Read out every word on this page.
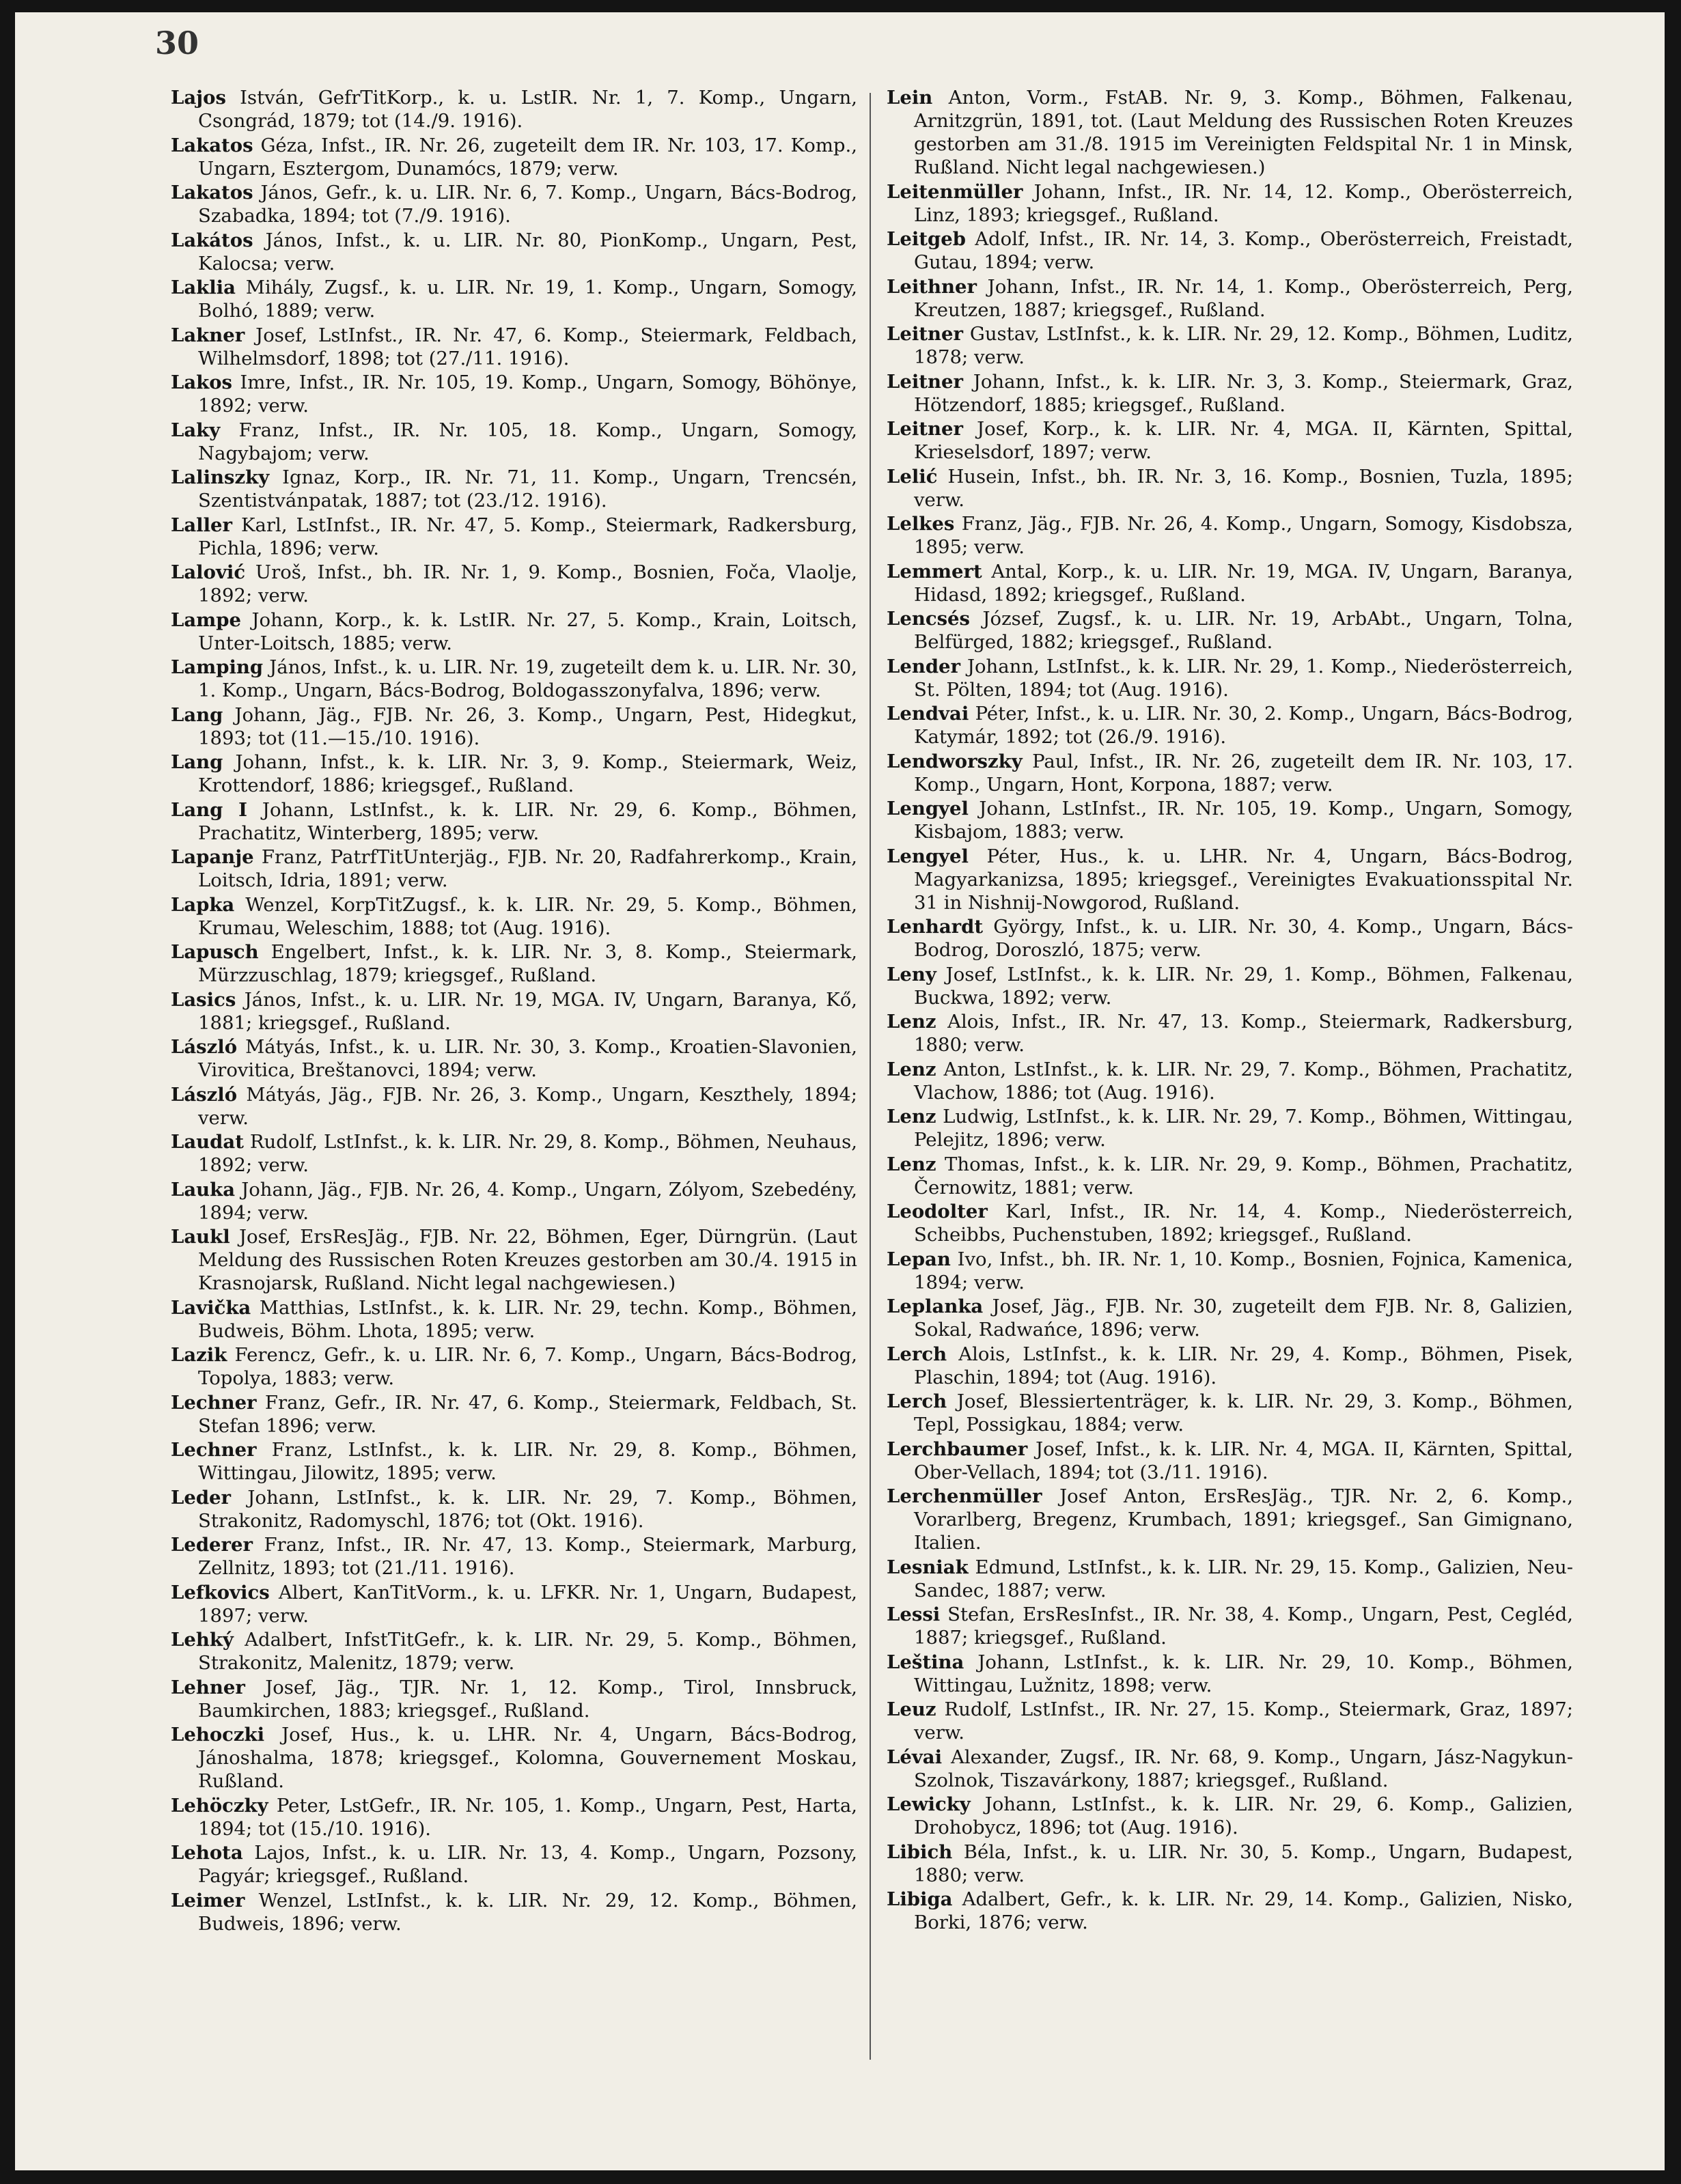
30
Lajos István, GefrTitKorp., k. u. LstIR. Nr. 1, 7. Komp., Ungarn, Csongrád, 1879; tot (14./9. 1916).
Lakatos Géza, Infst., IR. Nr. 26, zugeteilt dem IR. Nr. 103, 17. Komp., Ungarn, Esztergom, Dunamócs, 1879; verw.
Lakatos János, Gefr., k. u. LIR. Nr. 6, 7. Komp., Ungarn, Bács-Bodrog, Szabadka, 1894; tot (7./9. 1916).
Lakátos János, Infst., k. u. LIR. Nr. 80, PionKomp., Ungarn, Pest, Kalocsa; verw.
Laklia Mihály, Zugsf., k. u. LIR. Nr. 19, 1. Komp., Ungarn, Somogy, Bolhó, 1889; verw.
Lakner Josef, LstInfst., IR. Nr. 47, 6. Komp., Steiermark, Feldbach, Wilhelmsdorf, 1898; tot (27./11. 1916).
Lakos Imre, Infst., IR. Nr. 105, 19. Komp., Ungarn, Somogy, Böhönye, 1892; verw.
Laky Franz, Infst., IR. Nr. 105, 18. Komp., Ungarn, Somogy, Nagybajom; verw.
Lalinszky Ignaz, Korp., IR. Nr. 71, 11. Komp., Ungarn, Trencsén, Szentistvánpatak, 1887; tot (23./12. 1916).
Laller Karl, LstInfst., IR. Nr. 47, 5. Komp., Steiermark, Radkersburg, Pichla, 1896; verw.
Lalović Uroš, Infst., bh. IR. Nr. 1, 9. Komp., Bosnien, Foča, Vlaolje, 1892; verw.
Lampe Johann, Korp., k. k. LstIR. Nr. 27, 5. Komp., Krain, Loitsch, Unter-Loitsch, 1885; verw.
Lamping János, Infst., k. u. LIR. Nr. 19, zugeteilt dem k. u. LIR. Nr. 30, 1. Komp., Ungarn, Bács-Bodrog, Boldogasszonyfalva, 1896; verw.
Lang Johann, Jäg., FJB. Nr. 26, 3. Komp., Ungarn, Pest, Hidegkut, 1893; tot (11.—15./10. 1916).
Lang Johann, Infst., k. k. LIR. Nr. 3, 9. Komp., Steiermark, Weiz, Krottendorf, 1886; kriegsgef., Rußland.
Lang I Johann, LstInfst., k. k. LIR. Nr. 29, 6. Komp., Böhmen, Prachatitz, Winterberg, 1895; verw.
Lapanje Franz, PatrfTitUnterjäg., FJB. Nr. 20, Radfahrerkomp., Krain, Loitsch, Idria, 1891; verw.
Lapka Wenzel, KorpTitZugsf., k. k. LIR. Nr. 29, 5. Komp., Böhmen, Krumau, Weleschim, 1888; tot (Aug. 1916).
Lapusch Engelbert, Infst., k. k. LIR. Nr. 3, 8. Komp., Steiermark, Mürzzuschlag, 1879; kriegsgef., Rußland.
Lasics János, Infst., k. u. LIR. Nr. 19, MGA. IV, Ungarn, Baranya, Kő, 1881; kriegsgef., Rußland.
László Mátyás, Infst., k. u. LIR. Nr. 30, 3. Komp., Kroatien-Slavonien, Virovitica, Breštanovci, 1894; verw.
László Mátyás, Jäg., FJB. Nr. 26, 3. Komp., Ungarn, Keszthely, 1894; verw.
Laudat Rudolf, LstInfst., k. k. LIR. Nr. 29, 8. Komp., Böhmen, Neuhaus, 1892; verw.
Lauka Johann, Jäg., FJB. Nr. 26, 4. Komp., Ungarn, Zólyom, Szebedény, 1894; verw.
Laukl Josef, ErsResJäg., FJB. Nr. 22, Böhmen, Eger, Dürngrün. (Laut Meldung des Russischen Roten Kreuzes gestorben am 30./4. 1915 in Krasnojarsk, Rußland. Nicht legal nachgewiesen.)
Lavička Matthias, LstInfst., k. k. LIR. Nr. 29, techn. Komp., Böhmen, Budweis, Böhm. Lhota, 1895; verw.
Lazik Ferencz, Gefr., k. u. LIR. Nr. 6, 7. Komp., Ungarn, Bács-Bodrog, Topolya, 1883; verw.
Lechner Franz, Gefr., IR. Nr. 47, 6. Komp., Steiermark, Feldbach, St. Stefan 1896; verw.
Lechner Franz, LstInfst., k. k. LIR. Nr. 29, 8. Komp., Böhmen, Wittingau, Jilowitz, 1895; verw.
Leder Johann, LstInfst., k. k. LIR. Nr. 29, 7. Komp., Böhmen, Strakonitz, Radomyschl, 1876; tot (Okt. 1916).
Lederer Franz, Infst., IR. Nr. 47, 13. Komp., Steiermark, Marburg, Zellnitz, 1893; tot (21./11. 1916).
Lefkovics Albert, KanTitVorm., k. u. LFKR. Nr. 1, Ungarn, Budapest, 1897; verw.
Lehký Adalbert, InfstTitGefr., k. k. LIR. Nr. 29, 5. Komp., Böhmen, Strakonitz, Malenitz, 1879; verw.
Lehner Josef, Jäg., TJR. Nr. 1, 12. Komp., Tirol, Innsbruck, Baumkirchen, 1883; kriegsgef., Rußland.
Lehoczki Josef, Hus., k. u. LHR. Nr. 4, Ungarn, Bács-Bodrog, Jánoshalma, 1878; kriegsgef., Kolomna, Gouvernement Moskau, Rußland.
Lehöczky Peter, LstGefr., IR. Nr. 105, 1. Komp., Ungarn, Pest, Harta, 1894; tot (15./10. 1916).
Lehota Lajos, Infst., k. u. LIR. Nr. 13, 4. Komp., Ungarn, Pozsony, Pagyár; kriegsgef., Rußland.
Leimer Wenzel, LstInfst., k. k. LIR. Nr. 29, 12. Komp., Böhmen, Budweis, 1896; verw.
Lein Anton, Vorm., FstAB. Nr. 9, 3. Komp., Böhmen, Falkenau, Arnitzgrün, 1891, tot. (Laut Meldung des Russischen Roten Kreuzes gestorben am 31./8. 1915 im Vereinigten Feldspital Nr. 1 in Minsk, Rußland. Nicht legal nachgewiesen.)
Leitenmüller Johann, Infst., IR. Nr. 14, 12. Komp., Oberösterreich, Linz, 1893; kriegsgef., Rußland.
Leitgeb Adolf, Infst., IR. Nr. 14, 3. Komp., Oberösterreich, Freistadt, Gutau, 1894; verw.
Leithner Johann, Infst., IR. Nr. 14, 1. Komp., Oberösterreich, Perg, Kreutzen, 1887; kriegsgef., Rußland.
Leitner Gustav, LstInfst., k. k. LIR. Nr. 29, 12. Komp., Böhmen, Luditz, 1878; verw.
Leitner Johann, Infst., k. k. LIR. Nr. 3, 3. Komp., Steiermark, Graz, Hötzendorf, 1885; kriegsgef., Rußland.
Leitner Josef, Korp., k. k. LIR. Nr. 4, MGA. II, Kärnten, Spittal, Krieselsdorf, 1897; verw.
Lelić Husein, Infst., bh. IR. Nr. 3, 16. Komp., Bosnien, Tuzla, 1895; verw.
Lelkes Franz, Jäg., FJB. Nr. 26, 4. Komp., Ungarn, Somogy, Kisdobsza, 1895; verw.
Lemmert Antal, Korp., k. u. LIR. Nr. 19, MGA. IV, Ungarn, Baranya, Hidasd, 1892; kriegsgef., Rußland.
Lencsés József, Zugsf., k. u. LIR. Nr. 19, ArbAbt., Ungarn, Tolna, Belfürged, 1882; kriegsgef., Rußland.
Lender Johann, LstInfst., k. k. LIR. Nr. 29, 1. Komp., Niederösterreich, St. Pölten, 1894; tot (Aug. 1916).
Lendvai Péter, Infst., k. u. LIR. Nr. 30, 2. Komp., Ungarn, Bács-Bodrog, Katymár, 1892; tot (26./9. 1916).
Lendworszky Paul, Infst., IR. Nr. 26, zugeteilt dem IR. Nr. 103, 17. Komp., Ungarn, Hont, Korpona, 1887; verw.
Lengyel Johann, LstInfst., IR. Nr. 105, 19. Komp., Ungarn, Somogy, Kisbajom, 1883; verw.
Lengyel Péter, Hus., k. u. LHR. Nr. 4, Ungarn, Bács-Bodrog, Magyarkanizsa, 1895; kriegsgef., Vereinigtes Evakuationsspital Nr. 31 in Nishnij-Nowgorod, Rußland.
Lenhardt György, Infst., k. u. LIR. Nr. 30, 4. Komp., Ungarn, Bács-Bodrog, Doroszló, 1875; verw.
Leny Josef, LstInfst., k. k. LIR. Nr. 29, 1. Komp., Böhmen, Falkenau, Buckwa, 1892; verw.
Lenz Alois, Infst., IR. Nr. 47, 13. Komp., Steiermark, Radkersburg, 1880; verw.
Lenz Anton, LstInfst., k. k. LIR. Nr. 29, 7. Komp., Böhmen, Prachatitz, Vlachow, 1886; tot (Aug. 1916).
Lenz Ludwig, LstInfst., k. k. LIR. Nr. 29, 7. Komp., Böhmen, Wittingau, Pelejitz, 1896; verw.
Lenz Thomas, Infst., k. k. LIR. Nr. 29, 9. Komp., Böhmen, Prachatitz, Černowitz, 1881; verw.
Leodolter Karl, Infst., IR. Nr. 14, 4. Komp., Niederösterreich, Scheibbs, Puchenstuben, 1892; kriegsgef., Rußland.
Lepan Ivo, Infst., bh. IR. Nr. 1, 10. Komp., Bosnien, Fojnica, Kamenica, 1894; verw.
Leplanka Josef, Jäg., FJB. Nr. 30, zugeteilt dem FJB. Nr. 8, Galizien, Sokal, Radwańce, 1896; verw.
Lerch Alois, LstInfst., k. k. LIR. Nr. 29, 4. Komp., Böhmen, Pisek, Plaschin, 1894; tot (Aug. 1916).
Lerch Josef, Blessiertenträger, k. k. LIR. Nr. 29, 3. Komp., Böhmen, Tepl, Possigkau, 1884; verw.
Lerchbaumer Josef, Infst., k. k. LIR. Nr. 4, MGA. II, Kärnten, Spittal, Ober-Vellach, 1894; tot (3./11. 1916).
Lerchenmüller Josef Anton, ErsResJäg., TJR. Nr. 2, 6. Komp., Vorarlberg, Bregenz, Krumbach, 1891; kriegsgef., San Gimignano, Italien.
Lesniak Edmund, LstInfst., k. k. LIR. Nr. 29, 15. Komp., Galizien, Neu-Sandec, 1887; verw.
Lessi Stefan, ErsResInfst., IR. Nr. 38, 4. Komp., Ungarn, Pest, Cegléd, 1887; kriegsgef., Rußland.
Leština Johann, LstInfst., k. k. LIR. Nr. 29, 10. Komp., Böhmen, Wittingau, Lužnitz, 1898; verw.
Leuz Rudolf, LstInfst., IR. Nr. 27, 15. Komp., Steiermark, Graz, 1897; verw.
Lévai Alexander, Zugsf., IR. Nr. 68, 9. Komp., Ungarn, Jász-Nagykun-Szolnok, Tiszavárkony, 1887; kriegsgef., Rußland.
Lewicky Johann, LstInfst., k. k. LIR. Nr. 29, 6. Komp., Galizien, Drohobycz, 1896; tot (Aug. 1916).
Libich Béla, Infst., k. u. LIR. Nr. 30, 5. Komp., Ungarn, Budapest, 1880; verw.
Libiga Adalbert, Gefr., k. k. LIR. Nr. 29, 14. Komp., Galizien, Nisko, Borki, 1876; verw.
